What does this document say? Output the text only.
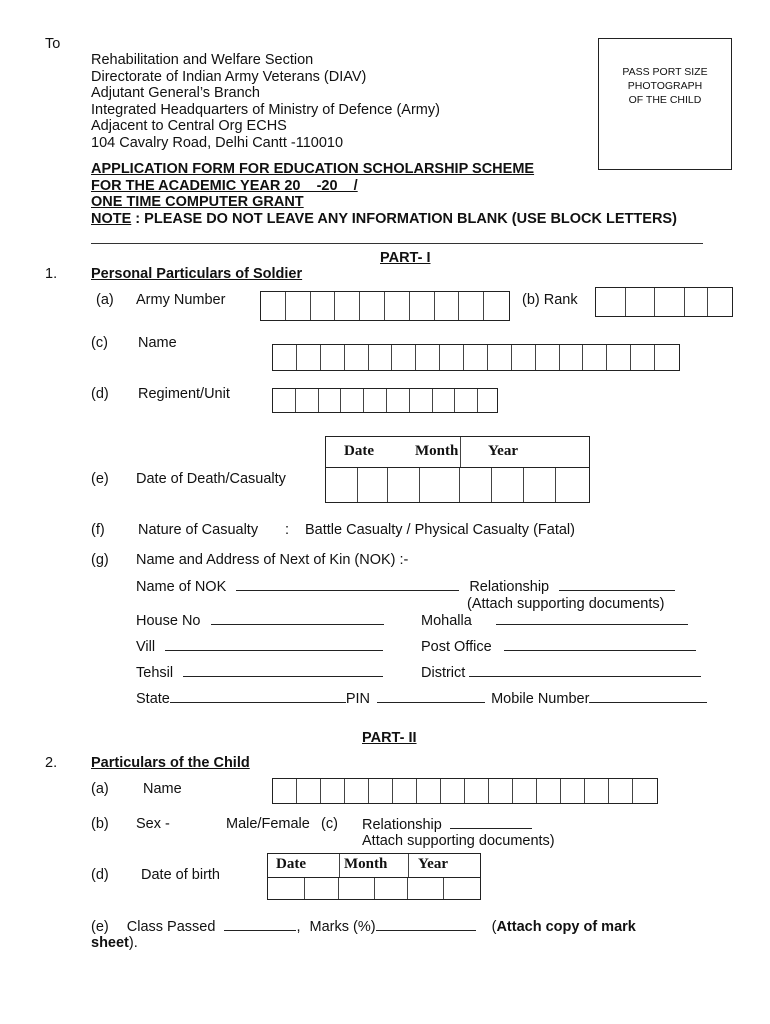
To
Rehabilitation and Welfare Section
Directorate of Indian Army Veterans (DIAV)
Adjutant General’s Branch
Integrated Headquarters of Ministry of Defence (Army)
Adjacent to Central Org ECHS
104 Cavalry Road, Delhi Cantt -110010
PASS PORT SIZE
PHOTOGRAPH
OF THE CHILD
APPLICATION FORM FOR EDUCATION SCHOLARSHIP SCHEME
FOR THE ACADEMIC YEAR 20    -20    /
ONE TIME COMPUTER GRANT
NOTE : PLEASE DO NOT LEAVE ANY INFORMATION BLANK (USE BLOCK LETTERS)
PART- I
1. Personal Particulars of Soldier
(a) Army Number	(b) Rank
(c) Name
(d) Regiment/Unit
Date	Month Year
(e) Date of Death/Casualty
(f) Nature of Casualty : Battle Casualty / Physical Casualty (Fatal)
(g) Name and Address of Next of Kin (NOK) :-
Name of NOK	Relationship
(Attach supporting documents)
House No	Mohalla
Vill	Post Office
Tehsil	District
State	PIN	Mobile Number
PART- II
2. Particulars of the Child
(a) Name
(b) Sex -	Male/Female (c) Relationship
Attach supporting documents)
Date	Month Year
(d) Date of birth
(e) Class Passed	, Marks (%)	(Attach copy of mark
sheet).
